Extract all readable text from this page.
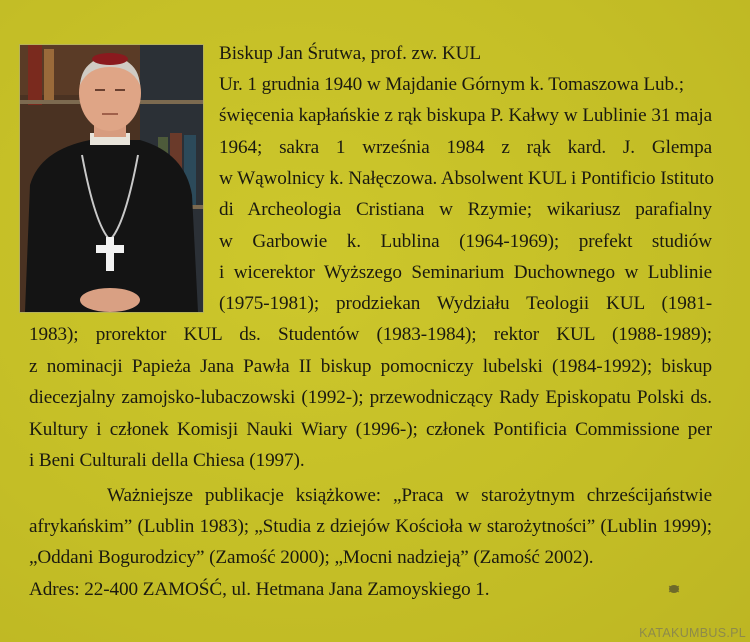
Biskup Jan Śrutwa, prof. zw. KUL
Ur. 1 grudnia 1940 w Majdanie Górnym k. Tomaszowa Lub.;
święcenia kapłańskie z rąk biskupa P. Kałwy w Lublinie 31 maja
1964; sakra 1 września 1984 z rąk kard. J. Glempa
w Wąwolnicy k. Nałęczowa. Absolwent KUL i Pontificio Istituto
di Archeologia Cristiana w Rzymie; wikariusz parafialny
w Garbowie k. Lublina (1964-1969); prefekt studiów
i wicerektor Wyższego Seminarium Duchownego w Lublinie
(1975-1981); prodziekan Wydziału Teologii KUL (1981-
1983); prorektor KUL ds. Studentów (1983-1984); rektor KUL (1988-1989);
z nominacji Papieża Jana Pawła II biskup pomocniczy lubelski (1984-1992); biskup
diecezjalny zamojsko-lubaczowski (1992-); przewodniczący Rady Episkopatu Polski ds.
Kultury i członek Komisji Nauki Wiary (1996-); członek Pontificia Commissione per
i Beni Culturali della Chiesa (1997).
Ważniejsze publikacje książkowe: „Praca w starożytnym chrześcijaństwie
afrykańskim” (Lublin 1983); „Studia z dziejów Kościoła w starożytności” (Lublin 1999);
„Oddani Bogurodzicy” (Zamość 2000); „Mocni nadzieją” (Zamość 2002).
Adres: 22-400 ZAMOŚĆ, ul. Hetmana Jana Zamoyskiego 1.
KATAKUMBUS.PL
